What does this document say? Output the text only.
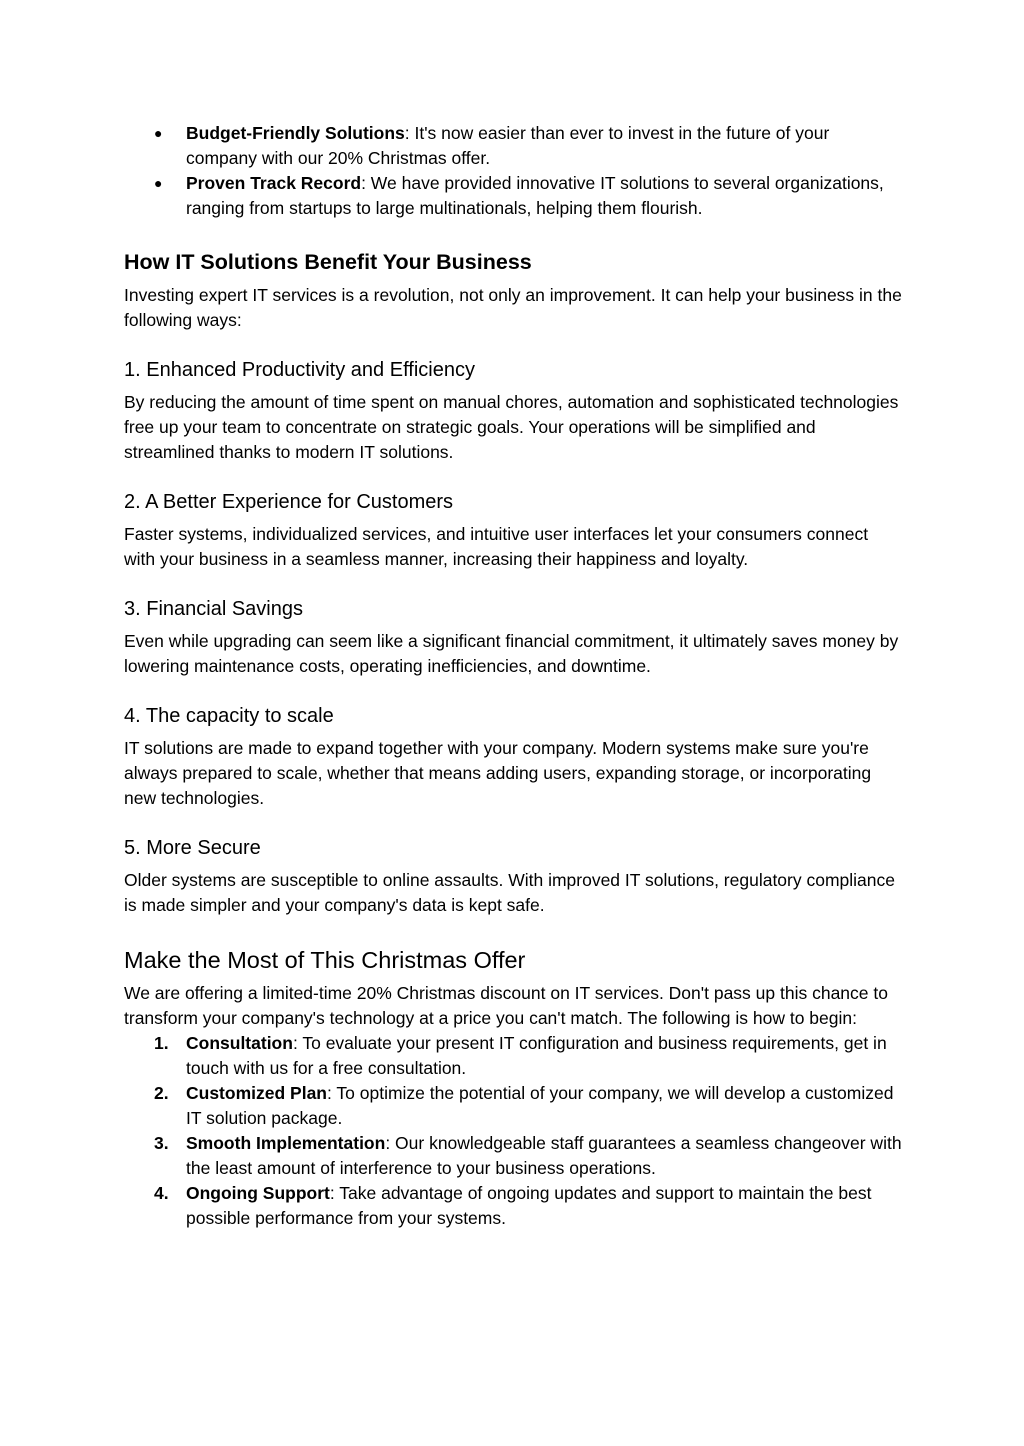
● Budget-Friendly Solutions: It's now easier than ever to invest in the future of your company with our 20% Christmas offer.
● Proven Track Record: We have provided innovative IT solutions to several organizations, ranging from startups to large multinationals, helping them flourish.
How IT Solutions Benefit Your Business

Investing expert IT services is a revolution, not only an improvement. It can help your business in the following ways:

1. Enhanced Productivity and Efficiency

By reducing the amount of time spent on manual chores, automation and sophisticated technologies free up your team to concentrate on strategic goals. Your operations will be simplified and streamlined thanks to modern IT solutions.

2. A Better Experience for Customers

Faster systems, individualized services, and intuitive user interfaces let your consumers connect with your business in a seamless manner, increasing their happiness and loyalty.

3. Financial Savings

Even while upgrading can seem like a significant financial commitment, it ultimately saves money by lowering maintenance costs, operating inefficiencies, and downtime.

4. The capacity to scale

IT solutions are made to expand together with your company. Modern systems make sure you're always prepared to scale, whether that means adding users, expanding storage, or incorporating new technologies.

5. More Secure

Older systems are susceptible to online assaults. With improved IT solutions, regulatory compliance is made simpler and your company's data is kept safe.

Make the Most of This Christmas Offer

We are offering a limited-time 20% Christmas discount on IT services. Don't pass up this chance to transform your company's technology at a price you can't match. The following is how to begin:

1. Consultation: To evaluate your present IT configuration and business requirements, get in touch with us for a free consultation.
2. Customized Plan: To optimize the potential of your company, we will develop a customized IT solution package.
3. Smooth Implementation: Our knowledgeable staff guarantees a seamless changeover with the least amount of interference to your business operations.
4. Ongoing Support: Take advantage of ongoing updates and support to maintain the best possible performance from your systems.
